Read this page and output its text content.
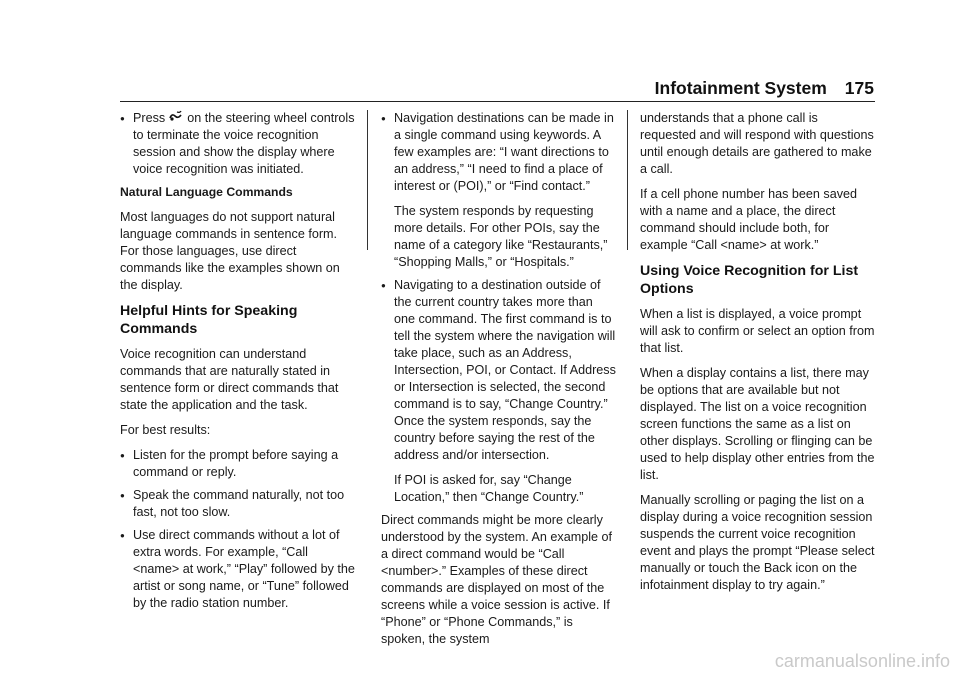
Infotainment System 175
● Press on the steering wheel controls to terminate the voice recognition session and show the display where voice recognition was initiated.
Natural Language Commands

Most languages do not support natural language commands in sentence form. For those languages, use direct commands like the examples shown on the display.

Helpful Hints for Speaking Commands

Voice recognition can understand commands that are naturally stated in sentence form or direct commands that state the application and the task.

For best results:

● Listen for the prompt before saying a command or reply.
● Speak the command naturally, not too fast, not too slow.
● Use direct commands without a lot of extra words. For example, “Call <name> at work,” “Play” followed by the artist or song name, or “Tune” followed by the radio station number.

● Navigation destinations can be made in a single command using keywords. A few examples are: “I want directions to an address,” “I need to find a place of interest or (POI),” or “Find contact.”

The system responds by requesting more details. For other POIs, say the name of a category like “Restaurants,” “Shopping Malls,” or “Hospitals.”

● Navigating to a destination outside of the current country takes more than one command. The first command is to tell the system where the navigation will take place, such as an Address, Intersection, POI, or Contact. If Address or Intersection is selected, the second command is to say, “Change Country.” Once the system responds, say the country before saying the rest of the address and/or intersection.

If POI is asked for, say “Change Location,” then “Change Country.”

Direct commands might be more clearly understood by the system. An example of a direct command would be “Call <number>.” Examples of these direct commands are displayed on most of the screens while a voice session is active. If “Phone” or “Phone Commands,” is spoken, the system

understands that a phone call is requested and will respond with questions until enough details are gathered to make a call.

If a cell phone number has been saved with a name and a place, the direct command should include both, for example “Call <name> at work.”

Using Voice Recognition for List Options

When a list is displayed, a voice prompt will ask to confirm or select an option from that list.

When a display contains a list, there may be options that are available but not displayed. The list on a voice recognition screen functions the same as a list on other displays. Scrolling or flinging can be used to help display other entries from the list.

Manually scrolling or paging the list on a display during a voice recognition session suspends the current voice recognition event and plays the prompt “Please select manually or touch the Back icon on the infotainment display to try again.”

carmanualsonline.info
